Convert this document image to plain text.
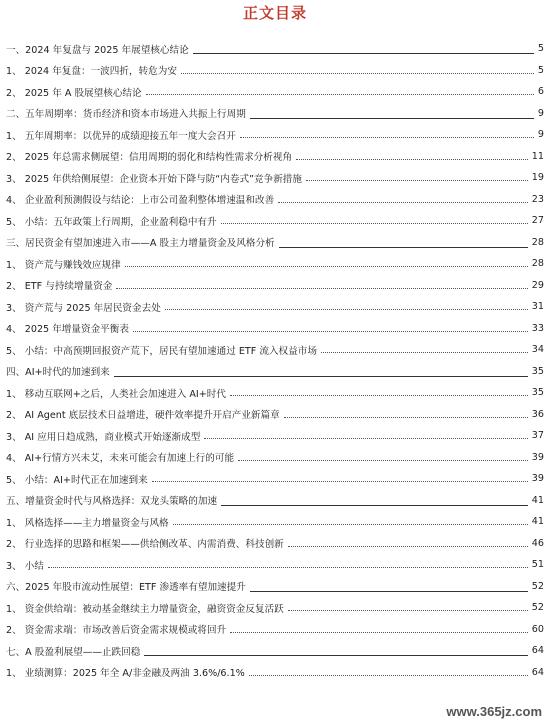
正文目录
一、2024 年复盘与 2025 年展望核心结论	5
1、 2024 年复盘：一波四折，转危为安	5
2、 2025 年 A 股展望核心结论	6
二、五年周期率：货币经济和资本市场进入共振上行周期	9
1、 五年周期率：以优异的成绩迎接五年一度大会召开	9
2、 2025 年总需求侧展望：信用周期的弱化和结构性需求分析视角	11
3、 2025 年供给侧展望：企业资本开始下降与防“内卷式”竞争新措施	19
4、 企业盈利预测假设与结论：上市公司盈利整体增速温和改善	23
5、 小结：五年政策上行周期，企业盈利稳中有升	27
三、居民资金有望加速进入市——A 股主力增量资金及风格分析	28
1、 资产荒与赚钱效应规律	28
2、 ETF 与持续增量资金	29
3、 资产荒与 2025 年居民资金去处	31
4、 2025 年增量资金平衡表	33
5、 小结：中高预期回报资产荒下，居民有望加速通过 ETF 流入权益市场	34
四、AI+时代的加速到来	35
1、 移动互联网+之后，人类社会加速进入 AI+时代	35
2、 AI Agent 底层技术日益增进，硬件效率提升开启产业新篇章	36
3、 AI 应用日趋成熟，商业模式开始逐渐成型	37
4、 AI+行情方兴未艾，未来可能会有加速上行的可能	39
5、 小结：AI+时代正在加速到来	39
五、增量资金时代与风格选择：双龙头策略的加速	41
1、 风格选择——主力增量资金与风格	41
2、 行业选择的思路和框架——供给侧改革、内需消费、科技创新	46
3、 小结	51
六、2025 年股市流动性展望：ETF 渗透率有望加速提升	52
1、 资金供给端：被动基金继续主力增量资金，融资资金反复活跃	52
2、 资金需求端：市场改善后资金需求规模或将回升	60
七、A 股盈利展望——止跌回稳	64
1、 业绩测算：2025 年全 A/非金融及两油 3.6%/6.1%	64
www.365jz.com
